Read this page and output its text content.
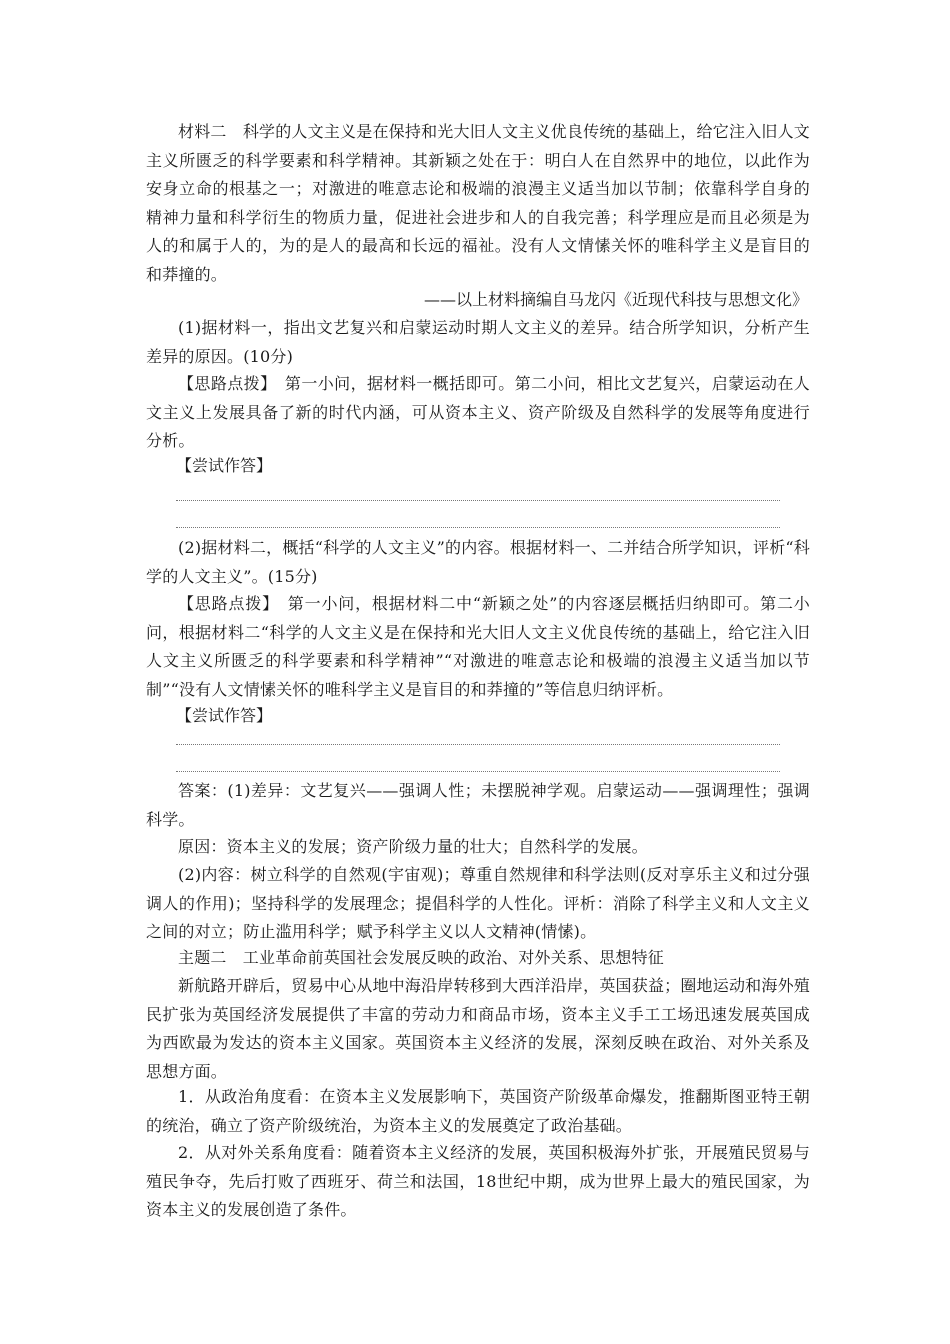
材料二　科学的人文主义是在保持和光大旧人文主义优良传统的基础上，给它注入旧人文主义所匮乏的科学要素和科学精神。其新颖之处在于：明白人在自然界中的地位，以此作为安身立命的根基之一；对激进的唯意志论和极端的浪漫主义适当加以节制；依靠科学自身的精神力量和科学衍生的物质力量，促进社会进步和人的自我完善；科学理应是而且必须是为人的和属于人的，为的是人的最高和长远的福祉。没有人文情愫关怀的唯科学主义是盲目的和莽撞的。
——以上材料摘编自马龙闪《近现代科技与思想文化》
(1)据材料一，指出文艺复兴和启蒙运动时期人文主义的差异。结合所学知识，分析产生差异的原因。(10分)
【思路点拨】　第一小问，据材料一概括即可。第二小问，相比文艺复兴，启蒙运动在人文主义上发展具备了新的时代内涵，可从资本主义、资产阶级及自然科学的发展等角度进行分析。
【尝试作答】
(2)据材料二，概括“科学的人文主义”的内容。根据材料一、二并结合所学知识，评析“科学的人文主义”。(15分)
【思路点拨】　第一小问，根据材料二中“新颖之处”的内容逐层概括归纳即可。第二小问，根据材料二“科学的人文主义是在保持和光大旧人文主义优良传统的基础上，给它注入旧人文主义所匮乏的科学要素和科学精神”“对激进的唯意志论和极端的浪漫主义适当加以节制”“没有人文情愫关怀的唯科学主义是盲目的和莽撞的”等信息归纳评析。
【尝试作答】
答案：(1)差异：文艺复兴——强调人性；未摆脱神学观。启蒙运动——强调理性；强调科学。
原因：资本主义的发展；资产阶级力量的壮大；自然科学的发展。
(2)内容：树立科学的自然观(宇宙观)；尊重自然规律和科学法则(反对享乐主义和过分强调人的作用)；坚持科学的发展理念；提倡科学的人性化。评析：消除了科学主义和人文主义之间的对立；防止滥用科学；赋予科学主义以人文精神(情愫)。
主题二　工业革命前英国社会发展反映的政治、对外关系、思想特征
新航路开辟后，贸易中心从地中海沿岸转移到大西洋沿岸，英国获益；圈地运动和海外殖民扩张为英国经济发展提供了丰富的劳动力和商品市场，资本主义手工工场迅速发展英国成为西欧最为发达的资本主义国家。英国资本主义经济的发展，深刻反映在政治、对外关系及思想方面。
1．从政治角度看：在资本主义发展影响下，英国资产阶级革命爆发，推翻斯图亚特王朝的统治，确立了资产阶级统治，为资本主义的发展奠定了政治基础。
2．从对外关系角度看：随着资本主义经济的发展，英国积极海外扩张，开展殖民贸易与殖民争夺，先后打败了西班牙、荷兰和法国，18世纪中期，成为世界上最大的殖民国家，为资本主义的发展创造了条件。
